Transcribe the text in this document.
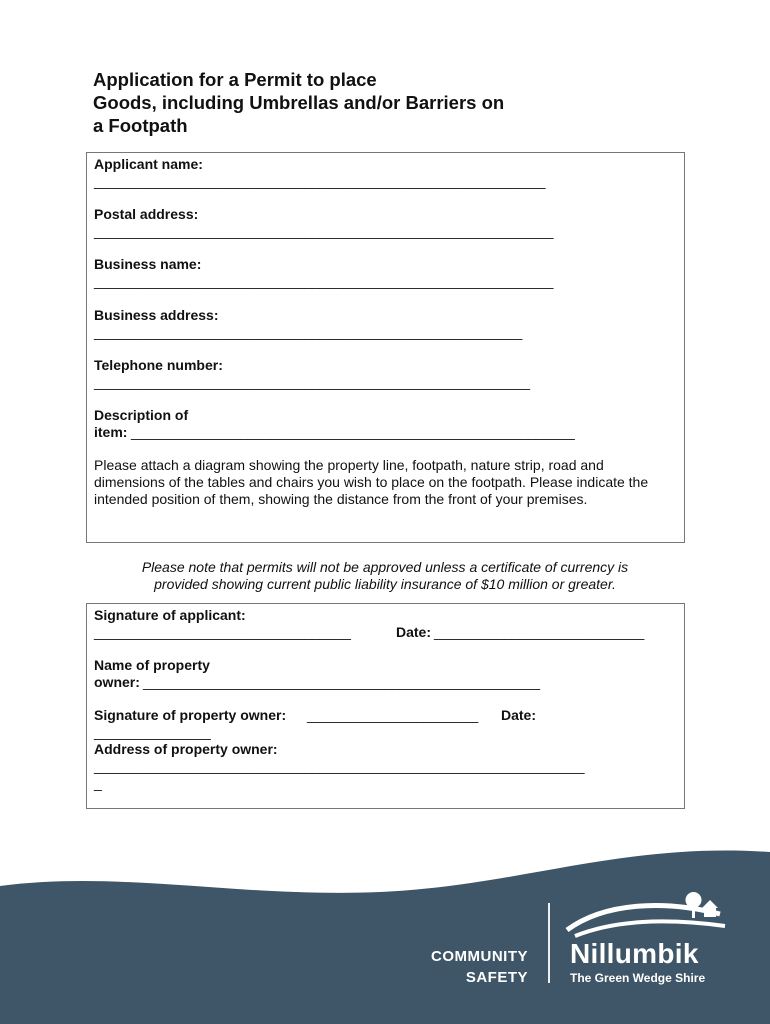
Application for a Permit to place
Goods, including Umbrellas and/or Barriers on
a Footpath
Applicant name:
__________________________________________________________
Postal address:
___________________________________________________________
Business name:
___________________________________________________________
Business address:
_______________________________________________________
Telephone number:
________________________________________________________
Description of
item: _________________________________________________________
Please attach a diagram showing the property line, footpath, nature strip, road and dimensions of the tables and chairs you wish to place on the footpath. Please indicate the intended position of them, showing the distance from the front of your premises.
Please note that permits will not be approved unless a certificate of currency is
provided showing current public liability insurance of $10 million or greater.
Signature of applicant:
_________________________________	Date: ___________________________
Name of property
owner: ___________________________________________________
Signature of property owner: ______________________ Date:
_______________
Address of property owner:
_______________________________________________________________
_
COMMUNITY
SAFETY
Nillumbik
The Green Wedge Shire
